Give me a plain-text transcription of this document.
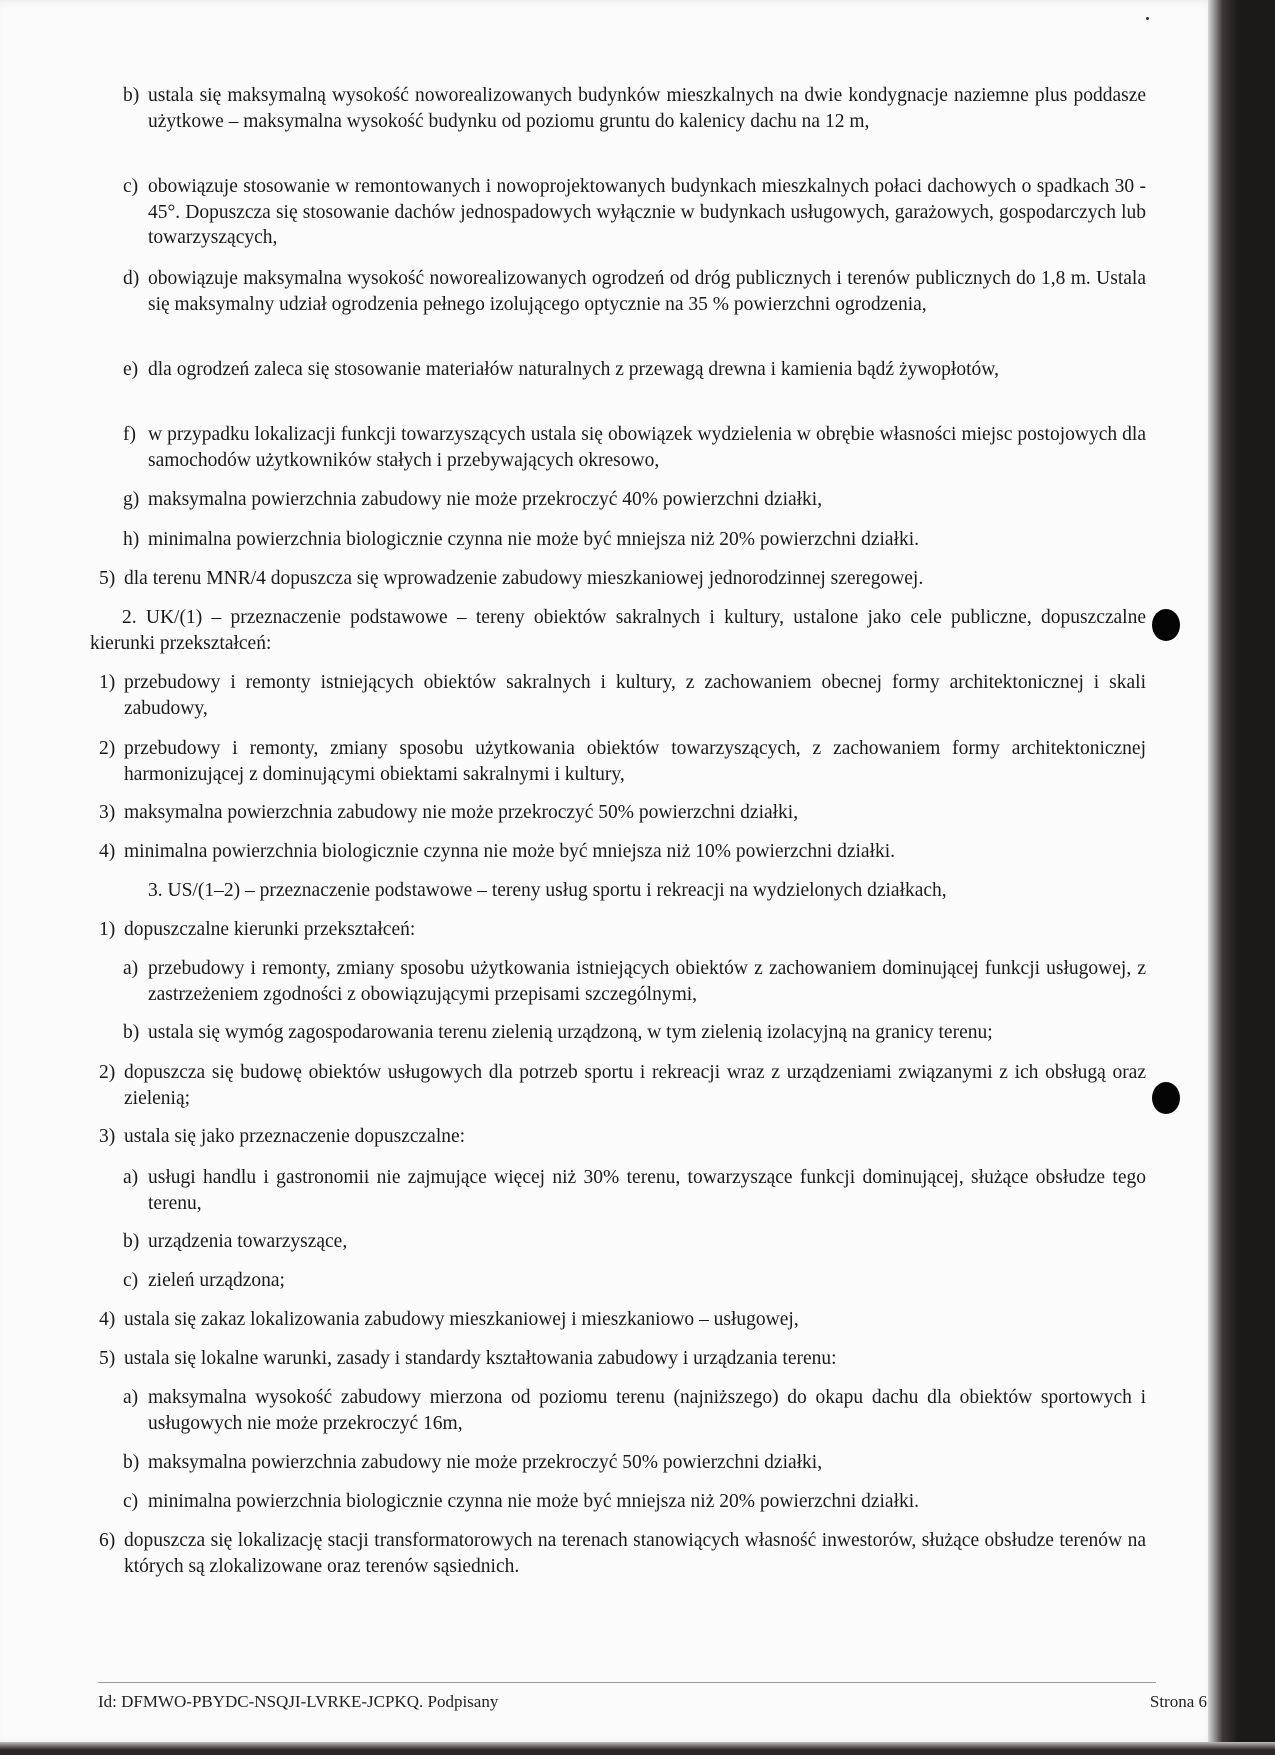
b) ustala się maksymalną wysokość noworealizowanych budynków mieszkalnych na dwie kondygnacje naziemne plus poddasze użytkowe – maksymalna wysokość budynku od poziomu gruntu do kalenicy dachu na 12 m,
c) obowiązuje stosowanie w remontowanych i nowoprojektowanych budynkach mieszkalnych połaci dachowych o spadkach 30 - 45°. Dopuszcza się stosowanie dachów jednospadowych wyłącznie w budynkach usługowych, garażowych, gospodarczych lub towarzyszących,
d) obowiązuje maksymalna wysokość noworealizowanych ogrodzeń od dróg publicznych i terenów publicznych do 1,8 m. Ustala się maksymalny udział ogrodzenia pełnego izolującego optycznie na 35 % powierzchni ogrodzenia,
e) dla ogrodzeń zaleca się stosowanie materiałów naturalnych z przewagą drewna i kamienia bądź żywopłotów,
f) w przypadku lokalizacji funkcji towarzyszących ustala się obowiązek wydzielenia w obrębie własności miejsc postojowych dla samochodów użytkowników stałych i przebywających okresowo,
g) maksymalna powierzchnia zabudowy nie może przekroczyć 40% powierzchni działki,
h) minimalna powierzchnia biologicznie czynna nie może być mniejsza niż 20% powierzchni działki.
5) dla terenu MNR/4 dopuszcza się wprowadzenie zabudowy mieszkaniowej jednorodzinnej szeregowej.
2. UK/(1) – przeznaczenie podstawowe – tereny obiektów sakralnych i kultury, ustalone jako cele publiczne, dopuszczalne kierunki przekształceń:
1) przebudowy i remonty istniejących obiektów sakralnych i kultury, z zachowaniem obecnej formy architektonicznej i skali zabudowy,
2) przebudowy i remonty, zmiany sposobu użytkowania obiektów towarzyszących, z zachowaniem formy architektonicznej harmonizującej z dominującymi obiektami sakralnymi i kultury,
3) maksymalna powierzchnia zabudowy nie może przekroczyć 50% powierzchni działki,
4) minimalna powierzchnia biologicznie czynna nie może być mniejsza niż 10% powierzchni działki.
3. US/(1–2) – przeznaczenie podstawowe – tereny usług sportu i rekreacji na wydzielonych działkach,
1) dopuszczalne kierunki przekształceń:
a) przebudowy i remonty, zmiany sposobu użytkowania istniejących obiektów z zachowaniem dominującej funkcji usługowej, z zastrzeżeniem zgodności z obowiązującymi przepisami szczególnymi,
b) ustala się wymóg zagospodarowania terenu zielenią urządzoną, w tym zielenią izolacyjną na granicy terenu;
2) dopuszcza się budowę obiektów usługowych dla potrzeb sportu i rekreacji wraz z urządzeniami związanymi z ich obsługą oraz zielenią;
3) ustala się jako przeznaczenie dopuszczalne:
a) usługi handlu i gastronomii nie zajmujące więcej niż 30% terenu, towarzyszące funkcji dominującej, służące obsłudze tego terenu,
b) urządzenia towarzyszące,
c) zieleń urządzona;
4) ustala się zakaz lokalizowania zabudowy mieszkaniowej i mieszkaniowo – usługowej,
5) ustala się lokalne warunki, zasady i standardy kształtowania zabudowy i urządzania terenu:
a) maksymalna wysokość zabudowy mierzona od poziomu terenu (najniższego) do okapu dachu dla obiektów sportowych i usługowych nie może przekroczyć 16m,
b) maksymalna powierzchnia zabudowy nie może przekroczyć 50% powierzchni działki,
c) minimalna powierzchnia biologicznie czynna nie może być mniejsza niż 20% powierzchni działki.
6) dopuszcza się lokalizację stacji transformatorowych na terenach stanowiących własność inwestorów, służące obsłudze terenów na których są zlokalizowane oraz terenów sąsiednich.
Id: DFMWO-PBYDC-NSQJI-LVRKE-JCPKQ. Podpisany	Strona 6
